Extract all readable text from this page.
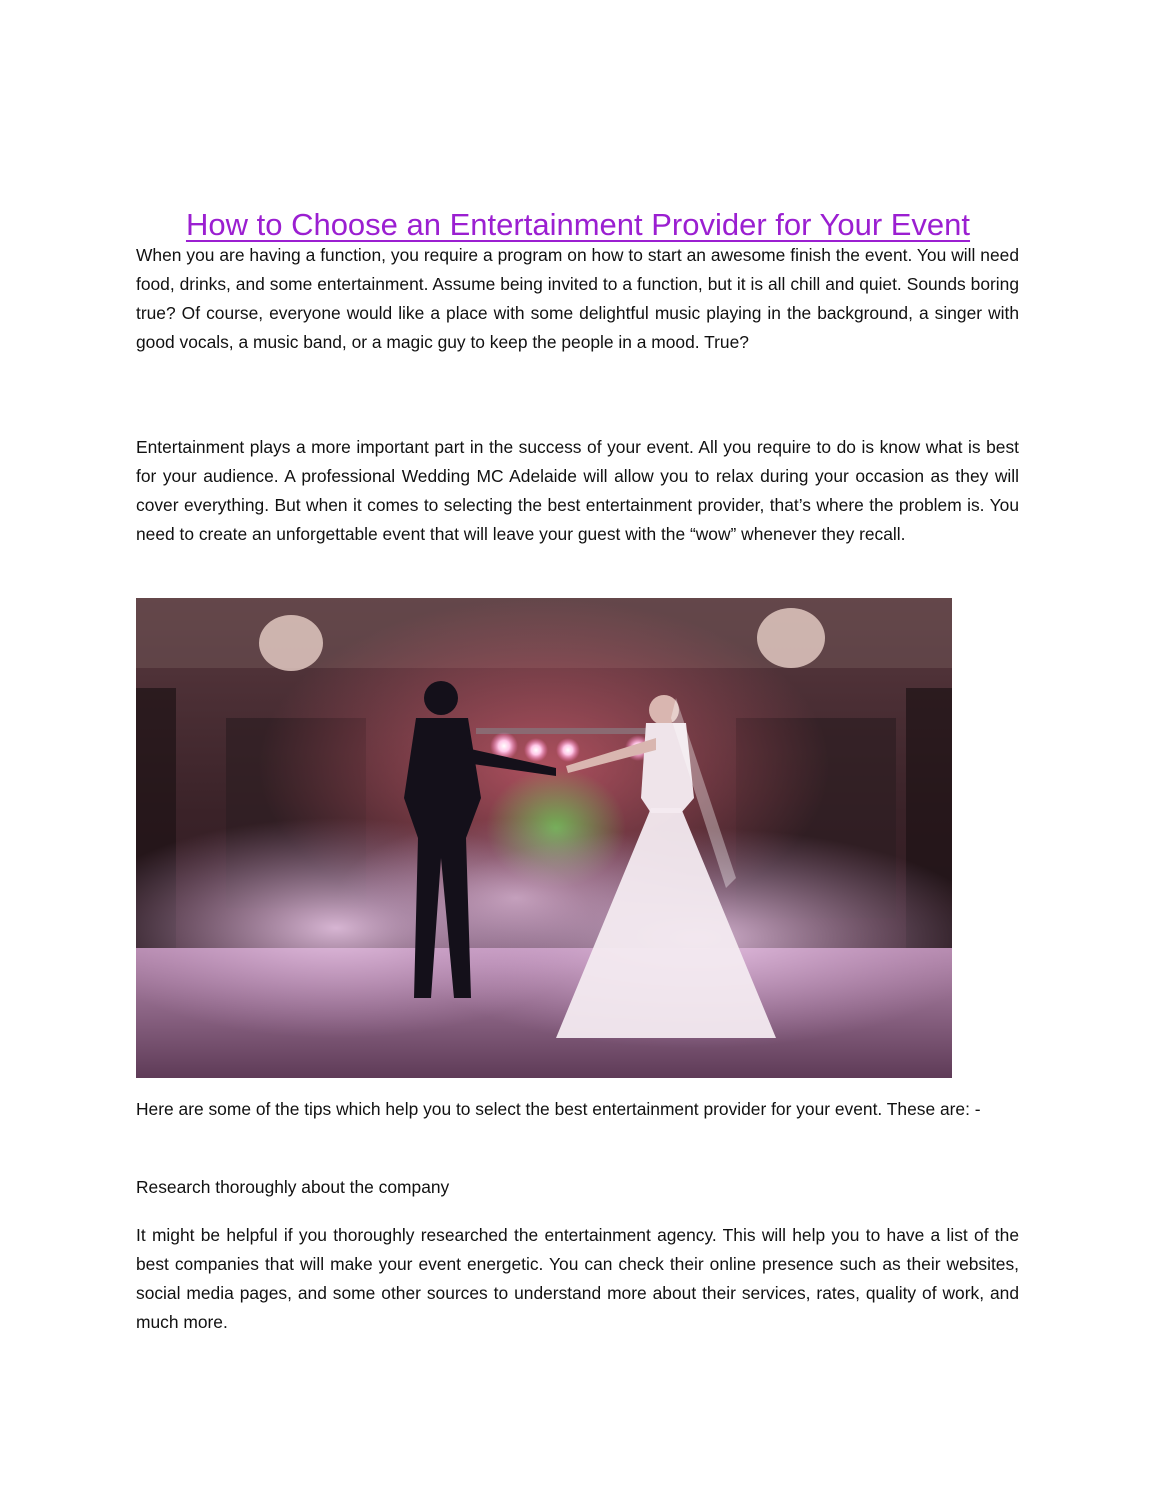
How to Choose an Entertainment Provider for Your Event

When you are having a function, you require a program on how to start an awesome finish the event. You will need food, drinks, and some entertainment. Assume being invited to a function, but it is all chill and quiet. Sounds boring true? Of course, everyone would like a place with some delightful music playing in the background, a singer with good vocals, a music band, or a magic guy to keep the people in a mood. True?

Entertainment plays a more important part in the success of your event. All you require to do is know what is best for your audience. A professional Wedding MC Adelaide will allow you to relax during your occasion as they will cover everything. But when it comes to selecting the best entertainment provider, that’s where the problem is. You need to create an unforgettable event that will leave your guest with the “wow” whenever they recall.

Here are some of the tips which help you to select the best entertainment provider for your event. These are: -

Research thoroughly about the company

It might be helpful if you thoroughly researched the entertainment agency. This will help you to have a list of the best companies that will make your event energetic. You can check their online presence such as their websites, social media pages, and some other sources to understand more about their services, rates, quality of work, and much more.
